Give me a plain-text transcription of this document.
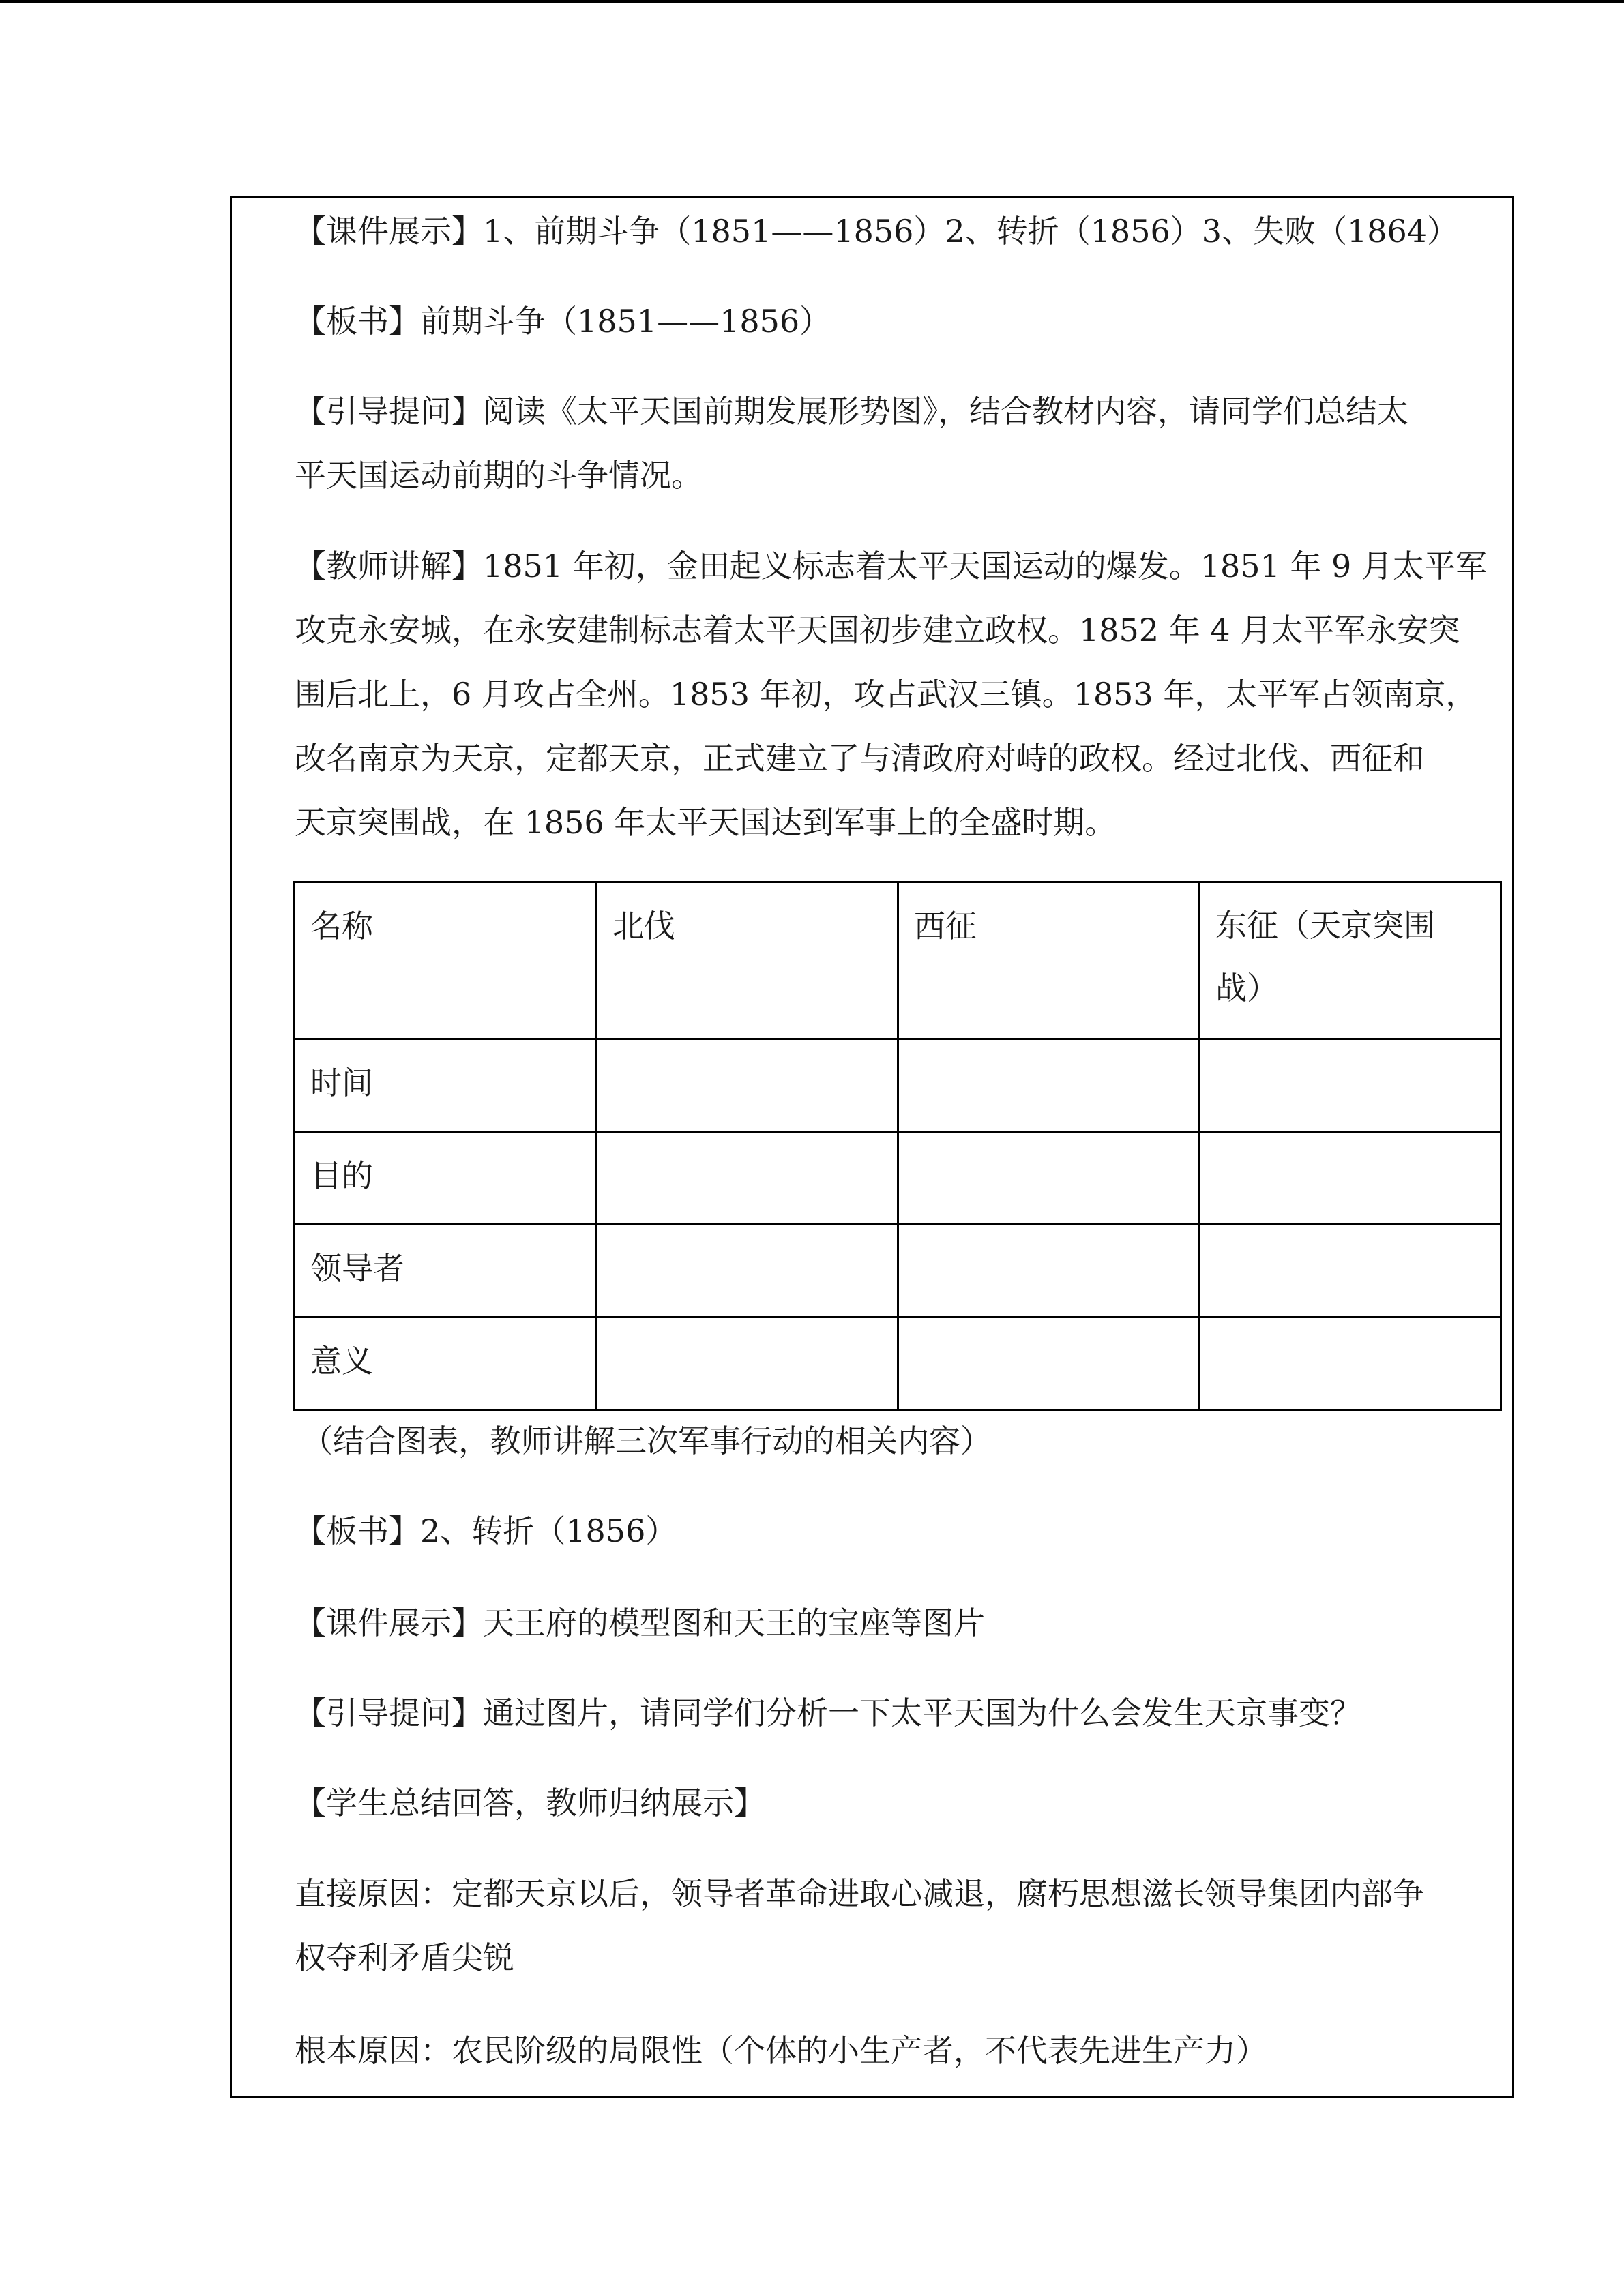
【课件展示】1、前期斗争（1851——1856）2、转折（1856）3、失败（1864）

【板书】前期斗争（1851——1856）

【引导提问】阅读《太平天国前期发展形势图》，结合教材内容，请同学们总结太
平天国运动前期的斗争情况。
【教师讲解】1851 年初，金田起义标志着太平天国运动的爆发。1851 年 9 月太平军
攻克永安城，在永安建制标志着太平天国初步建立政权。1852 年 4 月太平军永安突
围后北上，6 月攻占全州。1853 年初，攻占武汉三镇。1853 年，太平军占领南京，
改名南京为天京，定都天京，正式建立了与清政府对峙的政权。经过北伐、西征和
天京突围战，在 1856 年太平天国达到军事上的全盛时期。
名称	北伐	西征	东征（天京突围
战）
时间			
目的			
领导者			
意义			

（结合图表，教师讲解三次军事行动的相关内容）

【板书】2、转折（1856）

【课件展示】天王府的模型图和天王的宝座等图片

【引导提问】通过图片，请同学们分析一下太平天国为什么会发生天京事变？

【学生总结回答，教师归纳展示】

直接原因：定都天京以后，领导者革命进取心减退，腐朽思想滋长领导集团内部争
权夺利矛盾尖锐

根本原因：农民阶级的局限性（个体的小生产者，不代表先进生产力）
